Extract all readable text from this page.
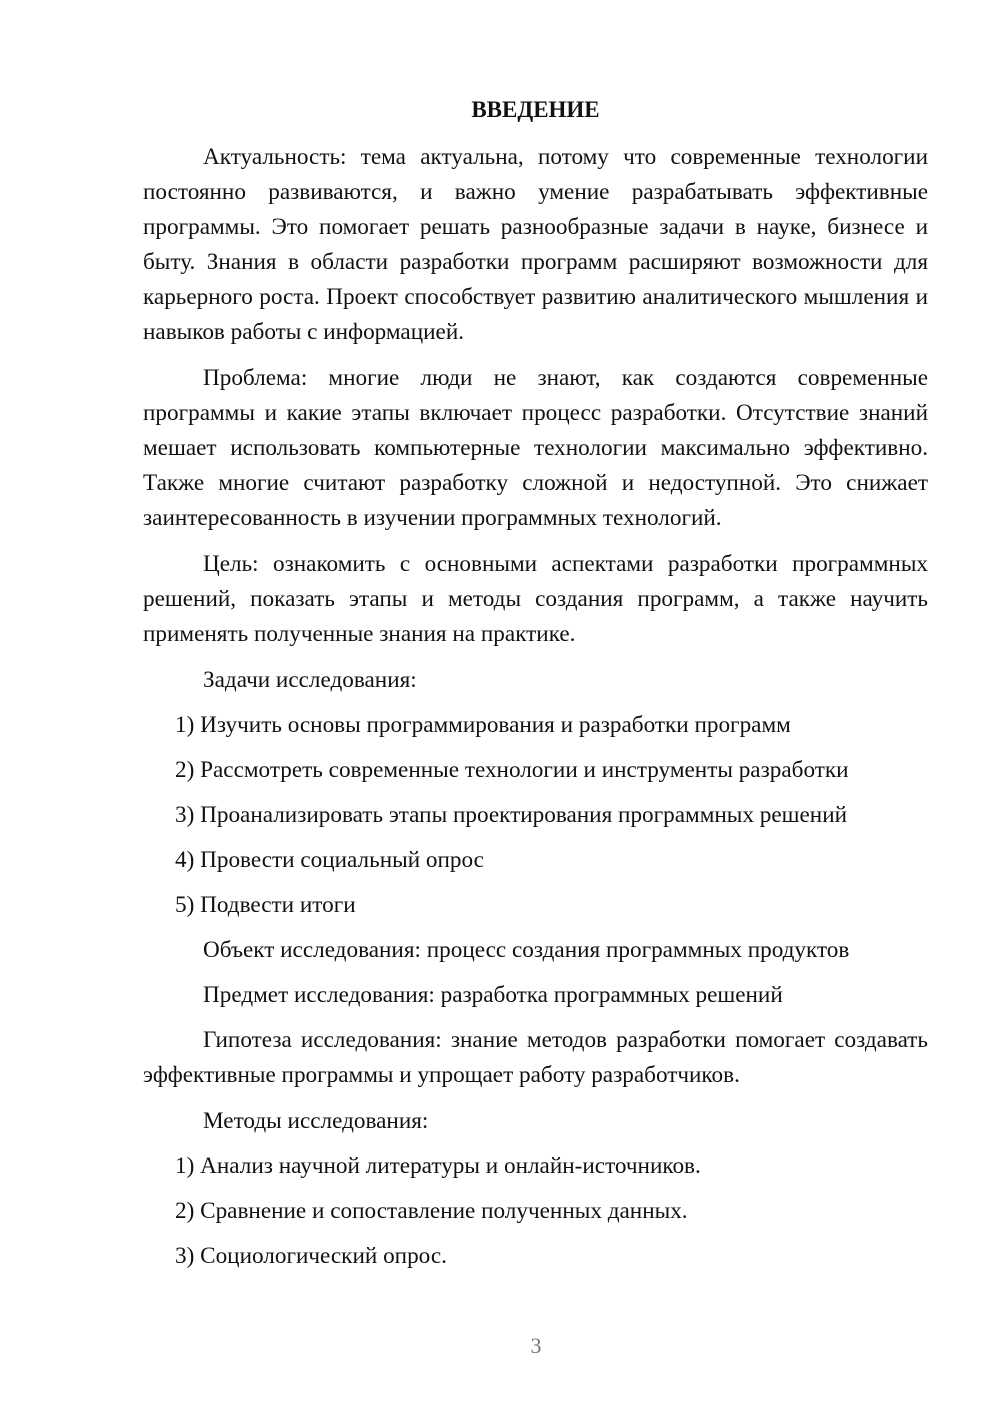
ВВЕДЕНИЕ

Актуальность: тема актуальна, потому что современные технологии постоянно развиваются, и важно умение разрабатывать эффективные программы. Это помогает решать разнообразные задачи в науке, бизнесе и быту. Знания в области разработки программ расширяют возможности для карьерного роста. Проект способствует развитию аналитического мышления и навыков работы с информацией.

Проблема: многие люди не знают, как создаются современные программы и какие этапы включает процесс разработки. Отсутствие знаний мешает использовать компьютерные технологии максимально эффективно. Также многие считают разработку сложной и недоступной. Это снижает заинтересованность в изучении программных технологий.

Цель: ознакомить с основными аспектами разработки программных решений, показать этапы и методы создания программ, а также научить применять полученные знания на практике.

Задачи исследования:
1) Изучить основы программирования и разработки программ
2) Рассмотреть современные технологии и инструменты разработки
3) Проанализировать этапы проектирования программных решений
4) Провести социальный опрос
5) Подвести итоги
Объект исследования: процесс создания программных продуктов
Предмет исследования: разработка программных решений

Гипотеза исследования: знание методов разработки помогает создавать эффективные программы и упрощает работу разработчиков.

Методы исследования:
1) Анализ научной литературы и онлайн-источников.
2) Сравнение и сопоставление полученных данных.
3) Социологический опрос.
3
